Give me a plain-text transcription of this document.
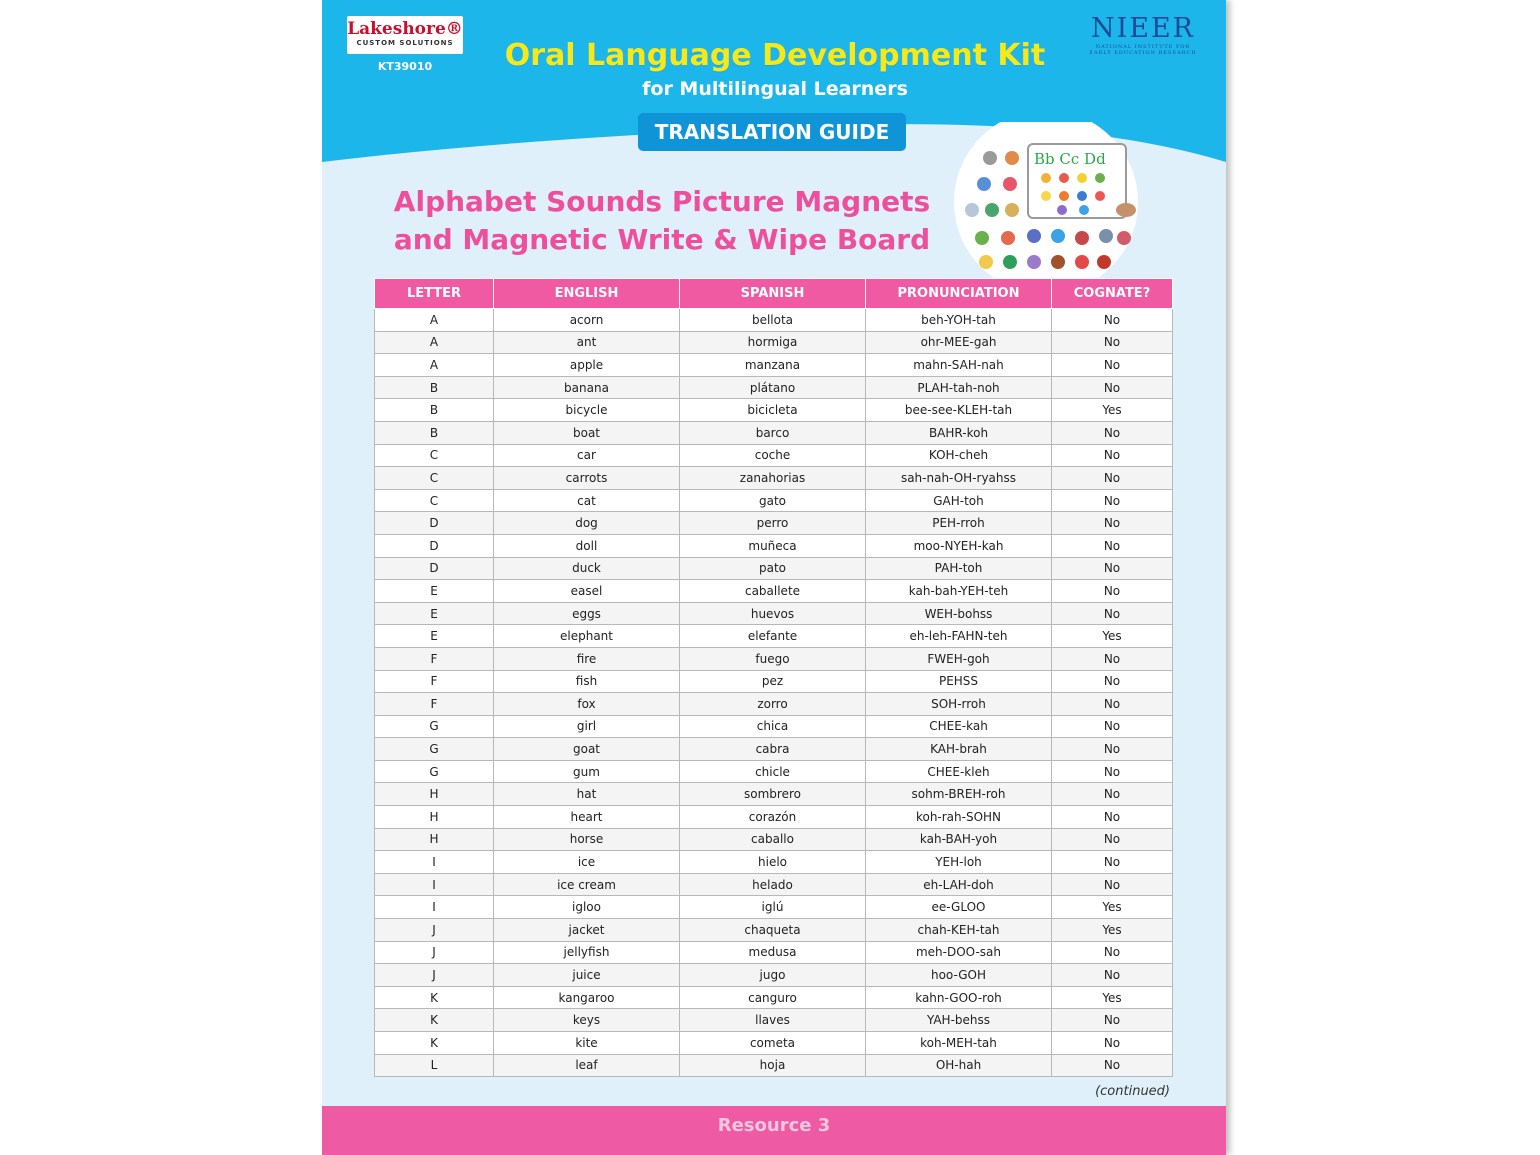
Lakeshore®
CUSTOM SOLUTIONS
KT39010
NIEER
NATIONAL INSTITUTE FOR EARLY EDUCATION RESEARCH
Oral Language Development Kit
for Multilingual Learners
TRANSLATION GUIDE
Alphabet Sounds Picture Magnets
and Magnetic Write & Wipe Board
Bb Cc Dd
LETTER	ENGLISH	SPANISH	PRONUNCIATION	COGNATE?
A	acorn	bellota	beh-YOH-tah	No
A	ant	hormiga	ohr-MEE-gah	No
A	apple	manzana	mahn-SAH-nah	No
B	banana	plátano	PLAH-tah-noh	No
B	bicycle	bicicleta	bee-see-KLEH-tah	Yes
B	boat	barco	BAHR-koh	No
C	car	coche	KOH-cheh	No
C	carrots	zanahorias	sah-nah-OH-ryahss	No
C	cat	gato	GAH-toh	No
D	dog	perro	PEH-rroh	No
D	doll	muñeca	moo-NYEH-kah	No
D	duck	pato	PAH-toh	No
E	easel	caballete	kah-bah-YEH-teh	No
E	eggs	huevos	WEH-bohss	No
E	elephant	elefante	eh-leh-FAHN-teh	Yes
F	fire	fuego	FWEH-goh	No
F	fish	pez	PEHSS	No
F	fox	zorro	SOH-rroh	No
G	girl	chica	CHEE-kah	No
G	goat	cabra	KAH-brah	No
G	gum	chicle	CHEE-kleh	No
H	hat	sombrero	sohm-BREH-roh	No
H	heart	corazón	koh-rah-SOHN	No
H	horse	caballo	kah-BAH-yoh	No
I	ice	hielo	YEH-loh	No
I	ice cream	helado	eh-LAH-doh	No
I	igloo	iglú	ee-GLOO	Yes
J	jacket	chaqueta	chah-KEH-tah	Yes
J	jellyfish	medusa	meh-DOO-sah	No
J	juice	jugo	hoo-GOH	No
K	kangaroo	canguro	kahn-GOO-roh	Yes
K	keys	llaves	YAH-behss	No
K	kite	cometa	koh-MEH-tah	No
L	leaf	hoja	OH-hah	No
(continued)
Resource 3
